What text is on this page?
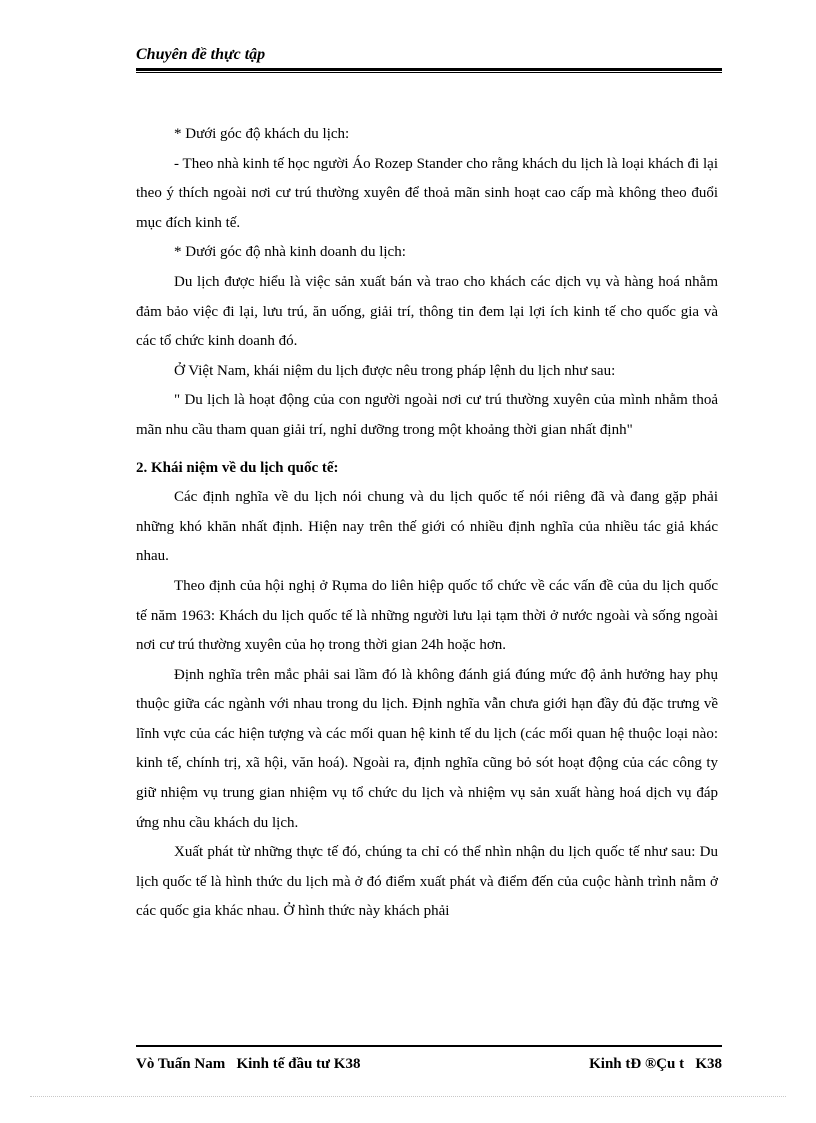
Chuyên đề thực tập

* Dưới góc độ khách du lịch:

- Theo nhà kinh tế học người Áo Rozep Stander cho rằng khách du lịch là loại khách đi lại theo ý thích ngoài nơi cư trú thường xuyên để thoả mãn sinh hoạt cao cấp mà không theo đuổi mục đích kinh tế.

* Dưới góc độ nhà kinh doanh du lịch:

Du lịch được hiểu là việc sản xuất bán và trao cho khách các dịch vụ và hàng hoá nhằm đảm bảo việc đi lại, lưu trú, ăn uống, giải trí, thông tin đem lại lợi ích kinh tế cho quốc gia và các tổ chức kinh doanh đó.

Ở Việt Nam, khái niệm du lịch được nêu trong pháp lệnh du lịch như sau:

" Du lịch là hoạt động của con người ngoài nơi cư trú thường xuyên của mình nhằm thoả mãn nhu cầu tham quan giải trí, nghỉ dưỡng trong một khoảng thời gian nhất định"

2. Khái niệm về du lịch quốc tế:

Các định nghĩa về du lịch nói chung và du lịch quốc tế nói riêng đã và đang gặp phải những khó khăn nhất định. Hiện nay trên thế giới có nhiều định nghĩa của nhiều tác giả khác nhau.

Theo định của hội nghị ở Rụma do liên hiệp quốc tổ chức về các vấn đề của du lịch quốc tế năm 1963: Khách du lịch quốc tế là những người lưu lại tạm thời ở nước ngoài và sống ngoài nơi cư trú thường xuyên của họ trong thời gian 24h hoặc hơn.

Định nghĩa trên mắc phải sai lầm đó là không đánh giá đúng mức độ ảnh hưởng hay phụ thuộc giữa các ngành với nhau trong du lịch. Định nghĩa vẫn chưa giới hạn đầy đủ đặc trưng về lĩnh vực của các hiện tượng và các mối quan hệ kinh tế du lịch (các mối quan hệ thuộc loại nào: kinh tế, chính trị, xã hội, văn hoá). Ngoài ra, định nghĩa cũng bỏ sót hoạt động của các công ty giữ nhiệm vụ trung gian nhiệm vụ tổ chức du lịch và nhiệm vụ sản xuất hàng hoá dịch vụ đáp ứng nhu cầu khách du lịch.

Xuất phát từ những thực tế đó, chúng ta chỉ có thể nhìn nhận du lịch quốc tế như sau: Du lịch quốc tế là hình thức du lịch mà ở đó điểm xuất phát và điểm đến của cuộc hành trình nằm ở các quốc gia khác nhau. Ở hình thức này khách phải

Vò Tuấn Nam   Kinh tế đầu tư K38	Kinh tÐ ®Çu t   K38
